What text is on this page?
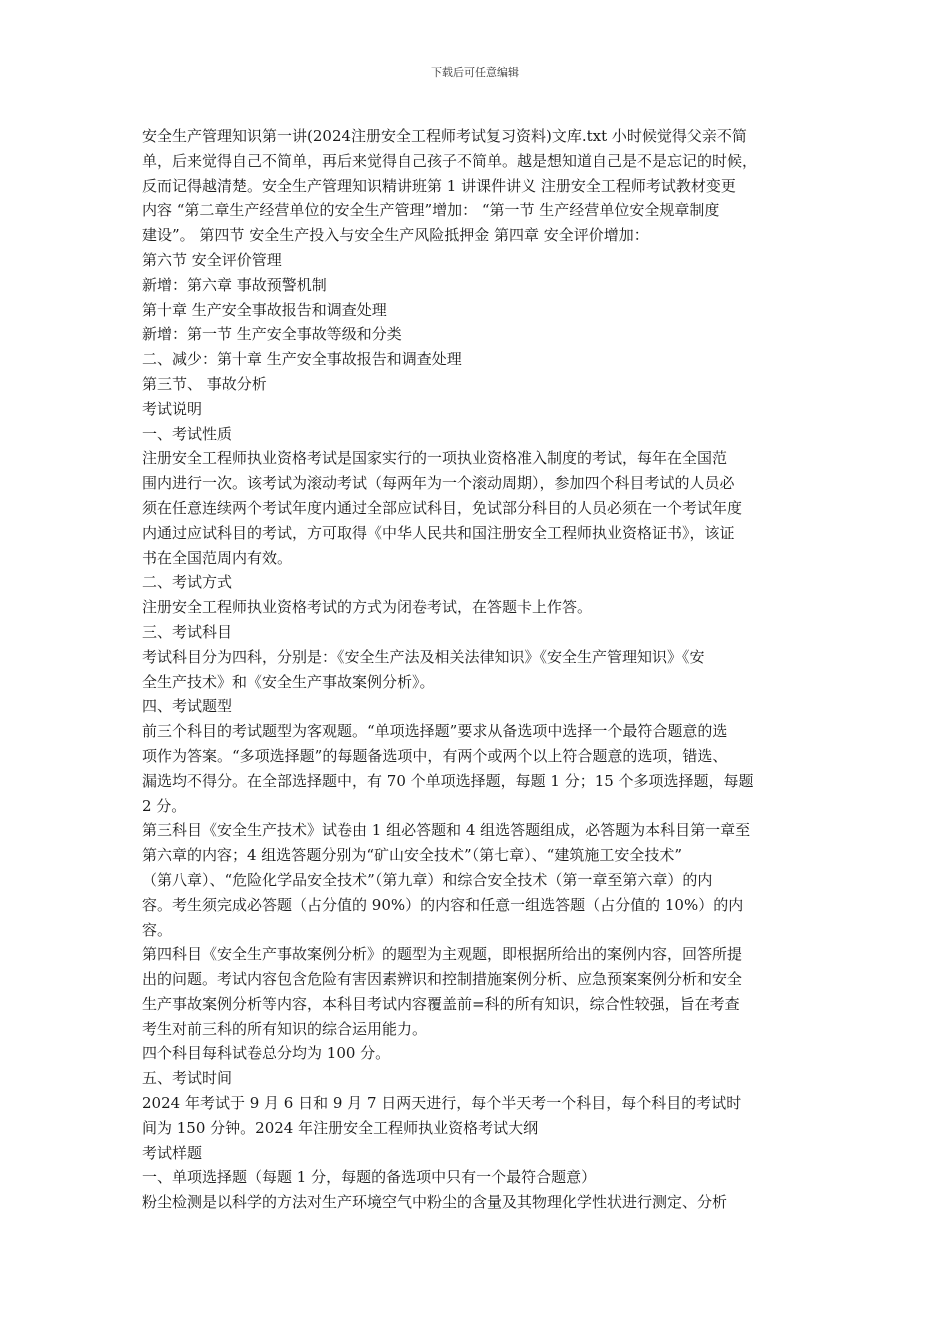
下载后可任意编辑
安全生产管理知识第一讲(2024注册安全工程师考试复习资料)文库.txt 小时候觉得父亲不简
单，后来觉得自己不简单，再后来觉得自己孩子不简单。越是想知道自己是不是忘记的时候，
反而记得越清楚。安全生产管理知识精讲班第 1 讲课件讲义 注册安全工程师考试教材变更
内容 “第二章生产经营单位的安全生产管理”增加： “第一节 生产经营单位安全规章制度
建设”。 第四节 安全生产投入与安全生产风险抵押金 第四章 安全评价增加：
第六节 安全评价管理
新增：第六章 事故预警机制
第十章 生产安全事故报告和调查处理
新增：第一节 生产安全事故等级和分类
二、减少：第十章 生产安全事故报告和调查处理
第三节、 事故分析
考试说明
一、考试性质
注册安全工程师执业资格考试是国家实行的一项执业资格准入制度的考试，每年在全国范
围内进行一次。该考试为滚动考试（每两年为一个滚动周期），参加四个科目考试的人员必
须在任意连续两个考试年度内通过全部应试科目，免试部分科目的人员必须在一个考试年度
内通过应试科目的考试，方可取得《中华人民共和国注册安全工程师执业资格证书》，该证
书在全国范周内有效。
二、考试方式
注册安全工程师执业资格考试的方式为闭卷考试，在答题卡上作答。
三、考试科目
考试科目分为四科，分别是：《安全生产法及相关法律知识》《安全生产管理知识》《安
全生产技术》和《安全生产事故案例分析》。
四、考试题型
前三个科目的考试题型为客观题。“单项选择题”要求从备选项中选择一个最符合题意的选
项作为答案。“多项选择题”的每题备选项中，有两个或两个以上符合题意的选项，错选、
漏选均不得分。在全部选择题中，有 70 个单项选择题，每题 1 分；15 个多项选择题，每题
2 分。
第三科目《安全生产技术》试卷由 1 组必答题和 4 组选答题组成，必答题为本科目第一章至
第六章的内容；4 组选答题分别为“矿山安全技术”（第七章）、“建筑施工安全技术”
（第八章）、“危险化学品安全技术”（第九章）和综合安全技术（第一章至第六章）的内
容。考生须完成必答题（占分值的 90%）的内容和任意一组选答题（占分值的 10%）的内
容。
第四科目《安全生产事故案例分析》的题型为主观题，即根据所给出的案例内容，回答所提
出的问题。考试内容包含危险有害因素辨识和控制措施案例分析、应急预案案例分析和安全
生产事故案例分析等内容，本科目考试内容覆盖前=科的所有知识，综合性较强，旨在考查
考生对前三科的所有知识的综合运用能力。
四个科目每科试卷总分均为 100 分。
五、考试时间
2024 年考试于 9 月 6 日和 9 月 7 日两天进行，每个半天考一个科目，每个科目的考试时
间为 150 分钟。2024 年注册安全工程师执业资格考试大纲
考试样题
一、单项选择题（每题 1 分，每题的备选项中只有一个最符合题意）
粉尘检测是以科学的方法对生产环境空气中粉尘的含量及其物理化学性状进行测定、分析
